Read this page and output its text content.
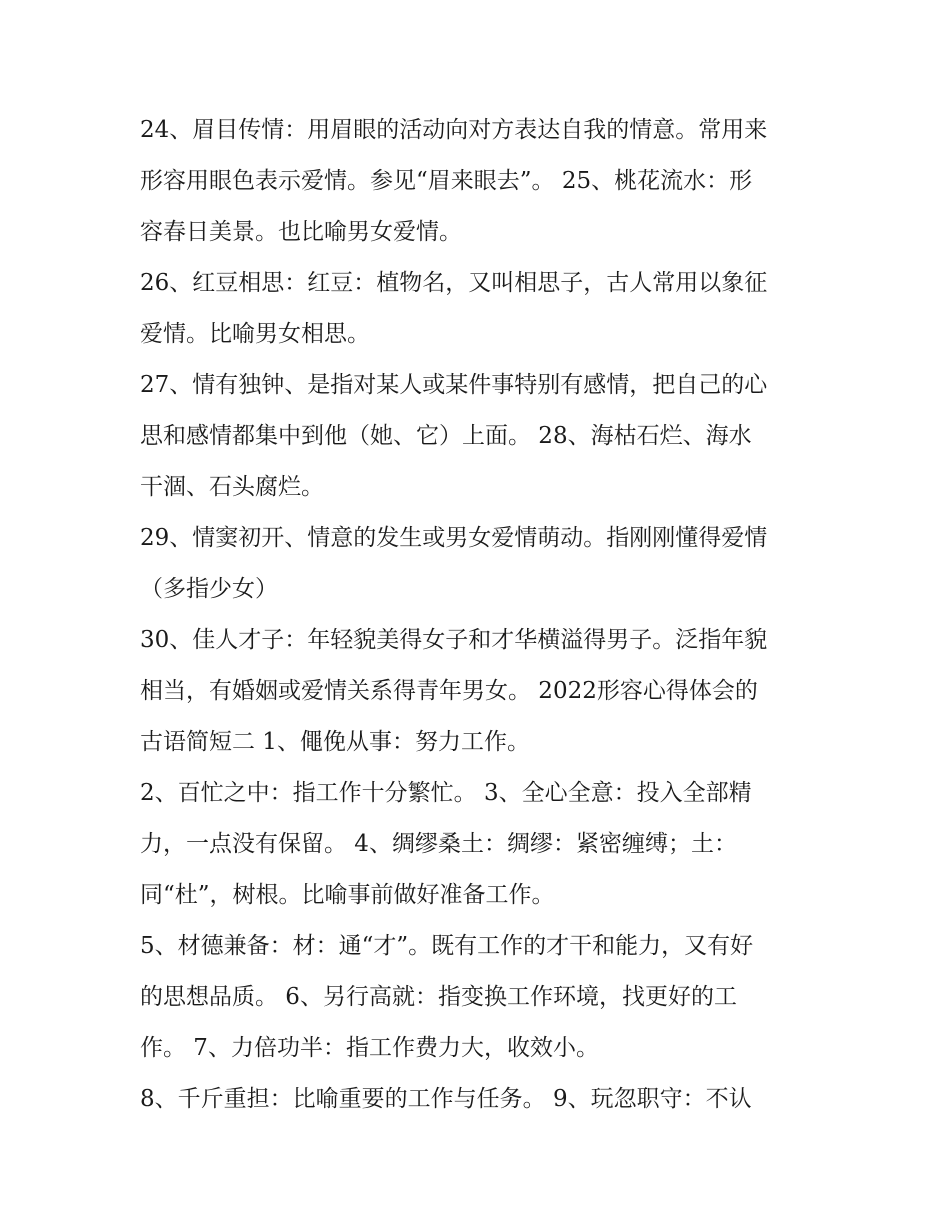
24、眉目传情：用眉眼的活动向对方表达自我的情意。常用来
形容用眼色表示爱情。参见“眉来眼去”。 25、桃花流水：形
容春日美景。也比喻男女爱情。
26、红豆相思：红豆：植物名，又叫相思子，古人常用以象征
爱情。比喻男女相思。
27、情有独钟、是指对某人或某件事特别有感情，把自己的心
思和感情都集中到他（她、它）上面。 28、海枯石烂、海水
干涸、石头腐烂。
29、情窦初开、情意的发生或男女爱情萌动。指刚刚懂得爱情
（多指少女）
30、佳人才子：年轻貌美得女子和才华横溢得男子。泛指年貌
相当，有婚姻或爱情关系得青年男女。 2022形容心得体会的
古语简短二 1、僶俛从事：努力工作。
2、百忙之中：指工作十分繁忙。 3、全心全意：投入全部精
力，一点没有保留。 4、绸缪桑土：绸缪：紧密缠缚；土：
同“杜”，树根。比喻事前做好准备工作。
5、材德兼备：材：通“才”。既有工作的才干和能力，又有好
的思想品质。 6、另行高就：指变换工作环境，找更好的工
作。 7、力倍功半：指工作费力大，收效小。
8、千斤重担：比喻重要的工作与任务。 9、玩忽职守：不认
